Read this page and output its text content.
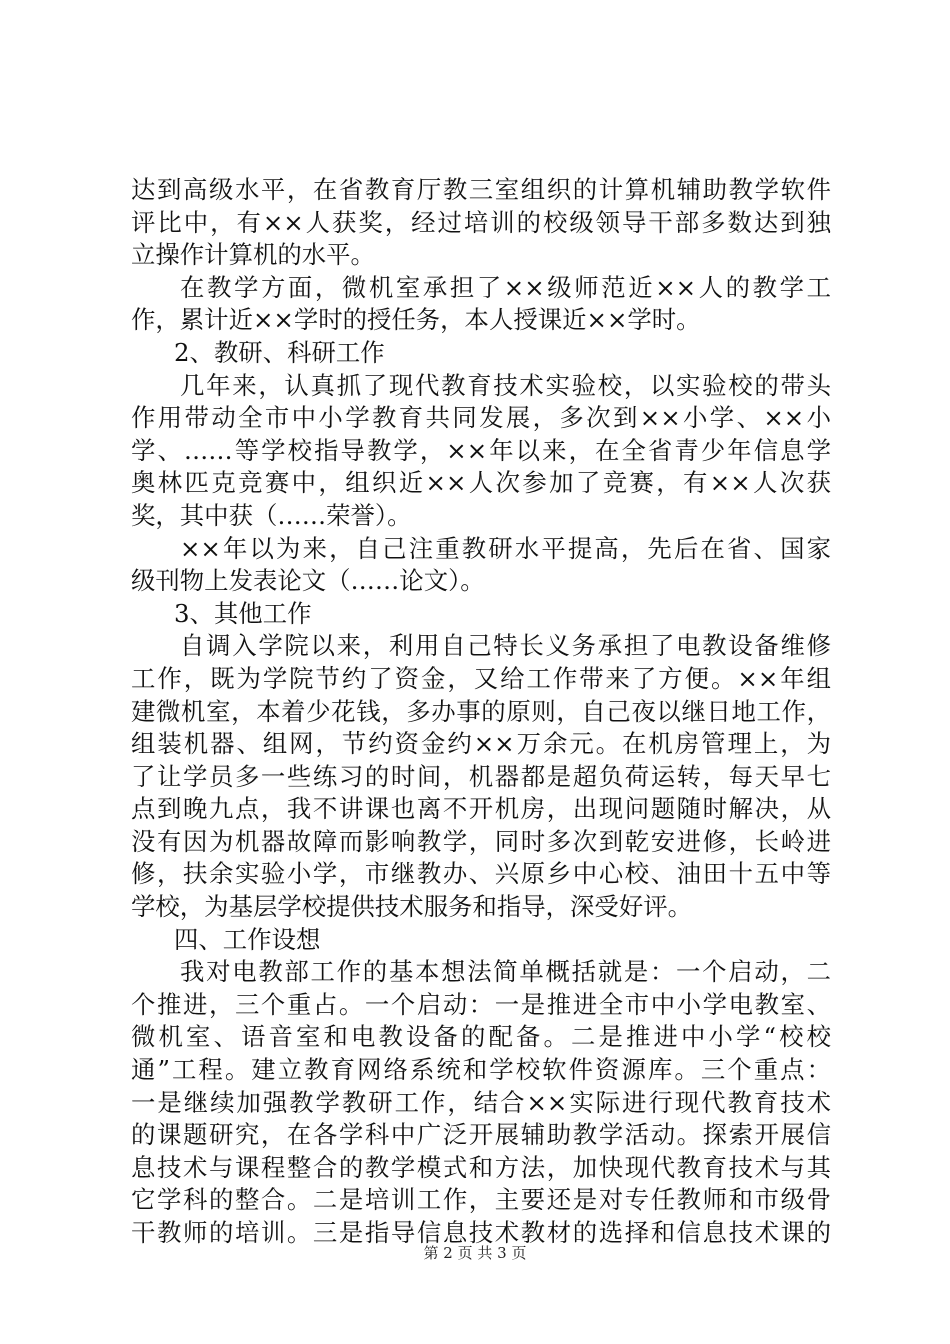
达到高级水平，在省教育厅教三室组织的计算机辅助教学软件
评比中，有××人获奖，经过培训的校级领导干部多数达到独
立操作计算机的水平。
在教学方面，微机室承担了××级师范近××人的教学工
作，累计近××学时的授任务，本人授课近××学时。
2、教研、科研工作
几年来，认真抓了现代教育技术实验校，以实验校的带头
作用带动全市中小学教育共同发展，多次到××小学、××小
学、……等学校指导教学，××年以来，在全省青少年信息学
奥林匹克竞赛中，组织近××人次参加了竞赛，有××人次获
奖，其中获（……荣誉）。
××年以为来，自己注重教研水平提高，先后在省、国家
级刊物上发表论文（……论文）。
3、其他工作
自调入学院以来，利用自己特长义务承担了电教设备维修
工作，既为学院节约了资金，又给工作带来了方便。××年组
建微机室，本着少花钱，多办事的原则，自己夜以继日地工作，
组装机器、组网，节约资金约××万余元。在机房管理上，为
了让学员多一些练习的时间，机器都是超负荷运转，每天早七
点到晚九点，我不讲课也离不开机房，出现问题随时解决，从
没有因为机器故障而影响教学，同时多次到乾安进修，长岭进
修，扶余实验小学，市继教办、兴原乡中心校、油田十五中等
学校，为基层学校提供技术服务和指导，深受好评。
四、工作设想
我对电教部工作的基本想法简单概括就是：一个启动，二
个推进，三个重占。一个启动：一是推进全市中小学电教室、
微机室、语音室和电教设备的配备。二是推进中小学“校校
通”工程。建立教育网络系统和学校软件资源库。三个重点：
一是继续加强教学教研工作，结合××实际进行现代教育技术
的课题研究，在各学科中广泛开展辅助教学活动。探索开展信
息技术与课程整合的教学模式和方法，加快现代教育技术与其
它学科的整合。二是培训工作，主要还是对专任教师和市级骨
干教师的培训。三是指导信息技术教材的选择和信息技术课的
第 2 页 共 3 页
